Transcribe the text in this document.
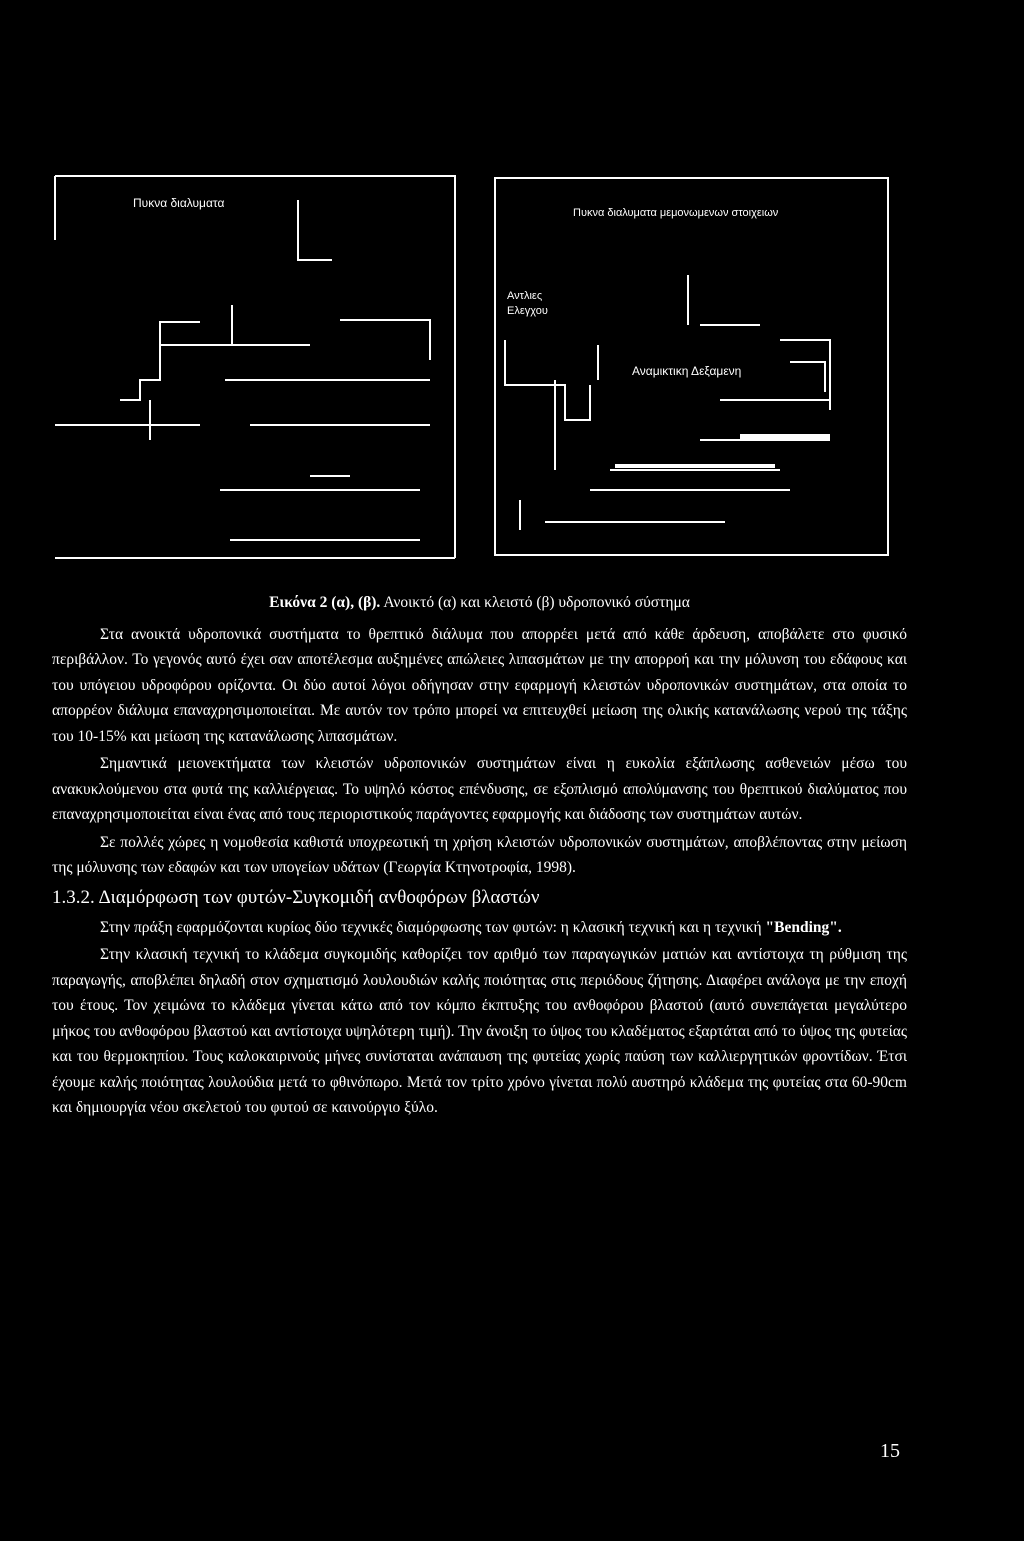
Πυκνα διαλυματα
Πυκνα διαλυματα μεμονωμενων στοιχειων
Αντλιες
Ελεγχου
Αναμικτικη Δεξαμενη
Εικόνα 2 (α), (β). Ανοικτό (α) και κλειστό (β) υδροπονικό σύστημα

Στα ανοικτά υδροπονικά συστήματα το θρεπτικό διάλυμα που απορρέει μετά από κάθε άρδευση, αποβάλετε στο φυσικό περιβάλλον. Το γεγονός αυτό έχει σαν αποτέλεσμα αυξημένες απώλειες λιπασμάτων με την απορροή και την μόλυνση του εδάφους και του υπόγειου υδροφόρου ορίζοντα. Οι δύο αυτοί λόγοι οδήγησαν στην εφαρμογή κλειστών υδροπονικών συστημάτων, στα οποία το απορρέον διάλυμα επαναχρησιμοποιείται. Με αυτόν τον τρόπο μπορεί να επιτευχθεί μείωση της ολικής κατανάλωσης νερού της τάξης του 10-15% και μείωση της κατανάλωσης λιπασμάτων.

Σημαντικά μειονεκτήματα των κλειστών υδροπονικών συστημάτων είναι η ευκολία εξάπλωσης ασθενειών μέσω του ανακυκλούμενου στα φυτά της καλλιέργειας. Το υψηλό κόστος επένδυσης, σε εξοπλισμό απολύμανσης του θρεπτικού διαλύματος που επαναχρησιμοποιείται είναι ένας από τους περιοριστικούς παράγοντες εφαρμογής και διάδοσης των συστημάτων αυτών.

Σε πολλές χώρες η νομοθεσία καθιστά υποχρεωτική τη χρήση κλειστών υδροπονικών συστημάτων, αποβλέποντας στην μείωση της μόλυνσης των εδαφών και των υπογείων υδάτων (Γεωργία Κτηνοτροφία, 1998).

1.3.2. Διαμόρφωση των φυτών-Συγκομιδή ανθοφόρων βλαστών

Στην πράξη εφαρμόζονται κυρίως δύο τεχνικές διαμόρφωσης των φυτών: η κλασική τεχνική και η τεχνική "Bending".

Στην κλασική τεχνική το κλάδεμα συγκομιδής καθορίζει τον αριθμό των παραγωγικών ματιών και αντίστοιχα τη ρύθμιση της παραγωγής, αποβλέπει δηλαδή στον σχηματισμό λουλουδιών καλής ποιότητας στις περιόδους ζήτησης. Διαφέρει ανάλογα με την εποχή του έτους. Τον χειμώνα το κλάδεμα γίνεται κάτω από τον κόμπο έκπτυξης του ανθοφόρου βλαστού (αυτό συνεπάγεται μεγαλύτερο μήκος του ανθοφόρου βλαστού και αντίστοιχα υψηλότερη τιμή). Την άνοιξη το ύψος του κλαδέματος εξαρτάται από το ύψος της φυτείας και του θερμοκηπίου. Τους καλοκαιρινούς μήνες συνίσταται ανάπαυση της φυτείας χωρίς παύση των καλλιεργητικών φροντίδων. Έτσι έχουμε καλής ποιότητας λουλούδια μετά το φθινόπωρο. Μετά τον τρίτο χρόνο γίνεται πολύ αυστηρό κλάδεμα της φυτείας στα 60-90cm και δημιουργία νέου σκελετού του φυτού σε καινούργιο ξύλο.

15
